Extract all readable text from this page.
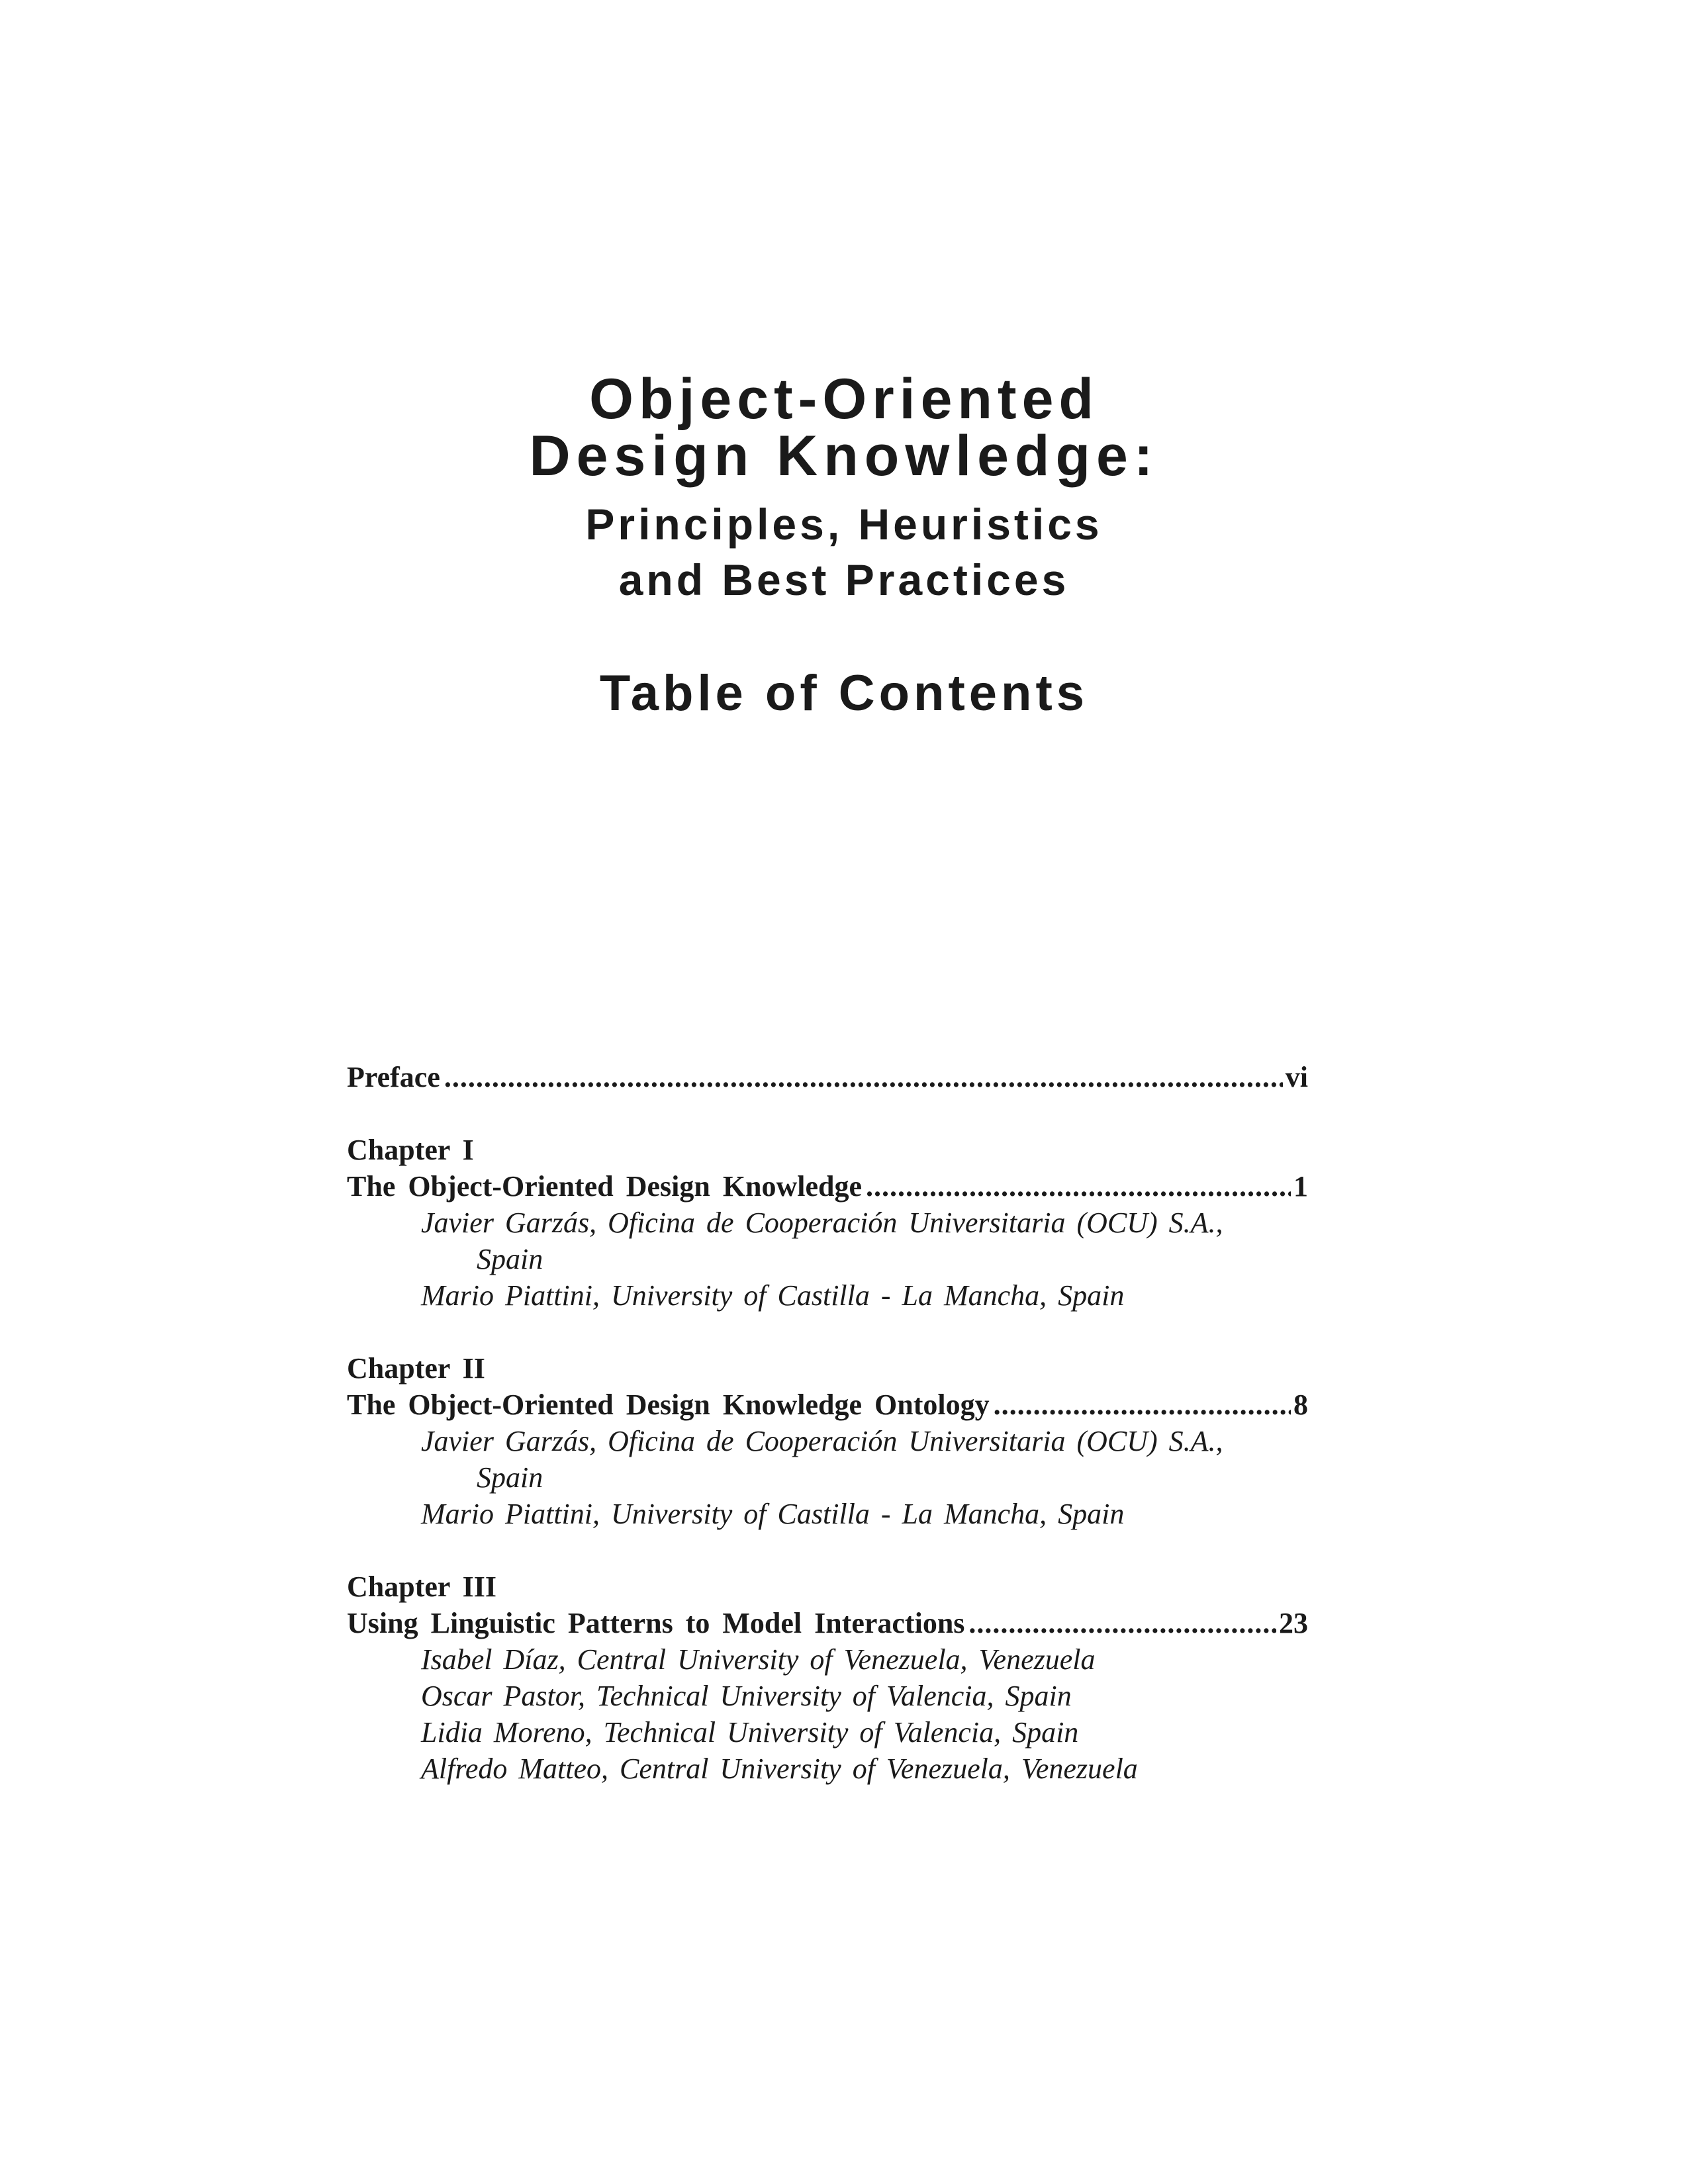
Object-Oriented
Design Knowledge:
Principles, Heuristics
and Best Practices
Table of Contents
Preface .....	vi
Chapter I
The Object-Oriented Design Knowledge .....	1
Javier Garzás, Oficina de Cooperación Universitaria (OCU) S.A.,
Spain
Mario Piattini, University of Castilla - La Mancha, Spain
Chapter II
The Object-Oriented Design Knowledge Ontology .....	8
Javier Garzás, Oficina de Cooperación Universitaria (OCU) S.A.,
Spain
Mario Piattini, University of Castilla - La Mancha, Spain
Chapter III
Using Linguistic Patterns to Model Interactions .....	23
Isabel Díaz, Central University of Venezuela, Venezuela
Oscar Pastor, Technical University of Valencia, Spain
Lidia Moreno, Technical University of Valencia, Spain
Alfredo Matteo, Central University of Venezuela, Venezuela
